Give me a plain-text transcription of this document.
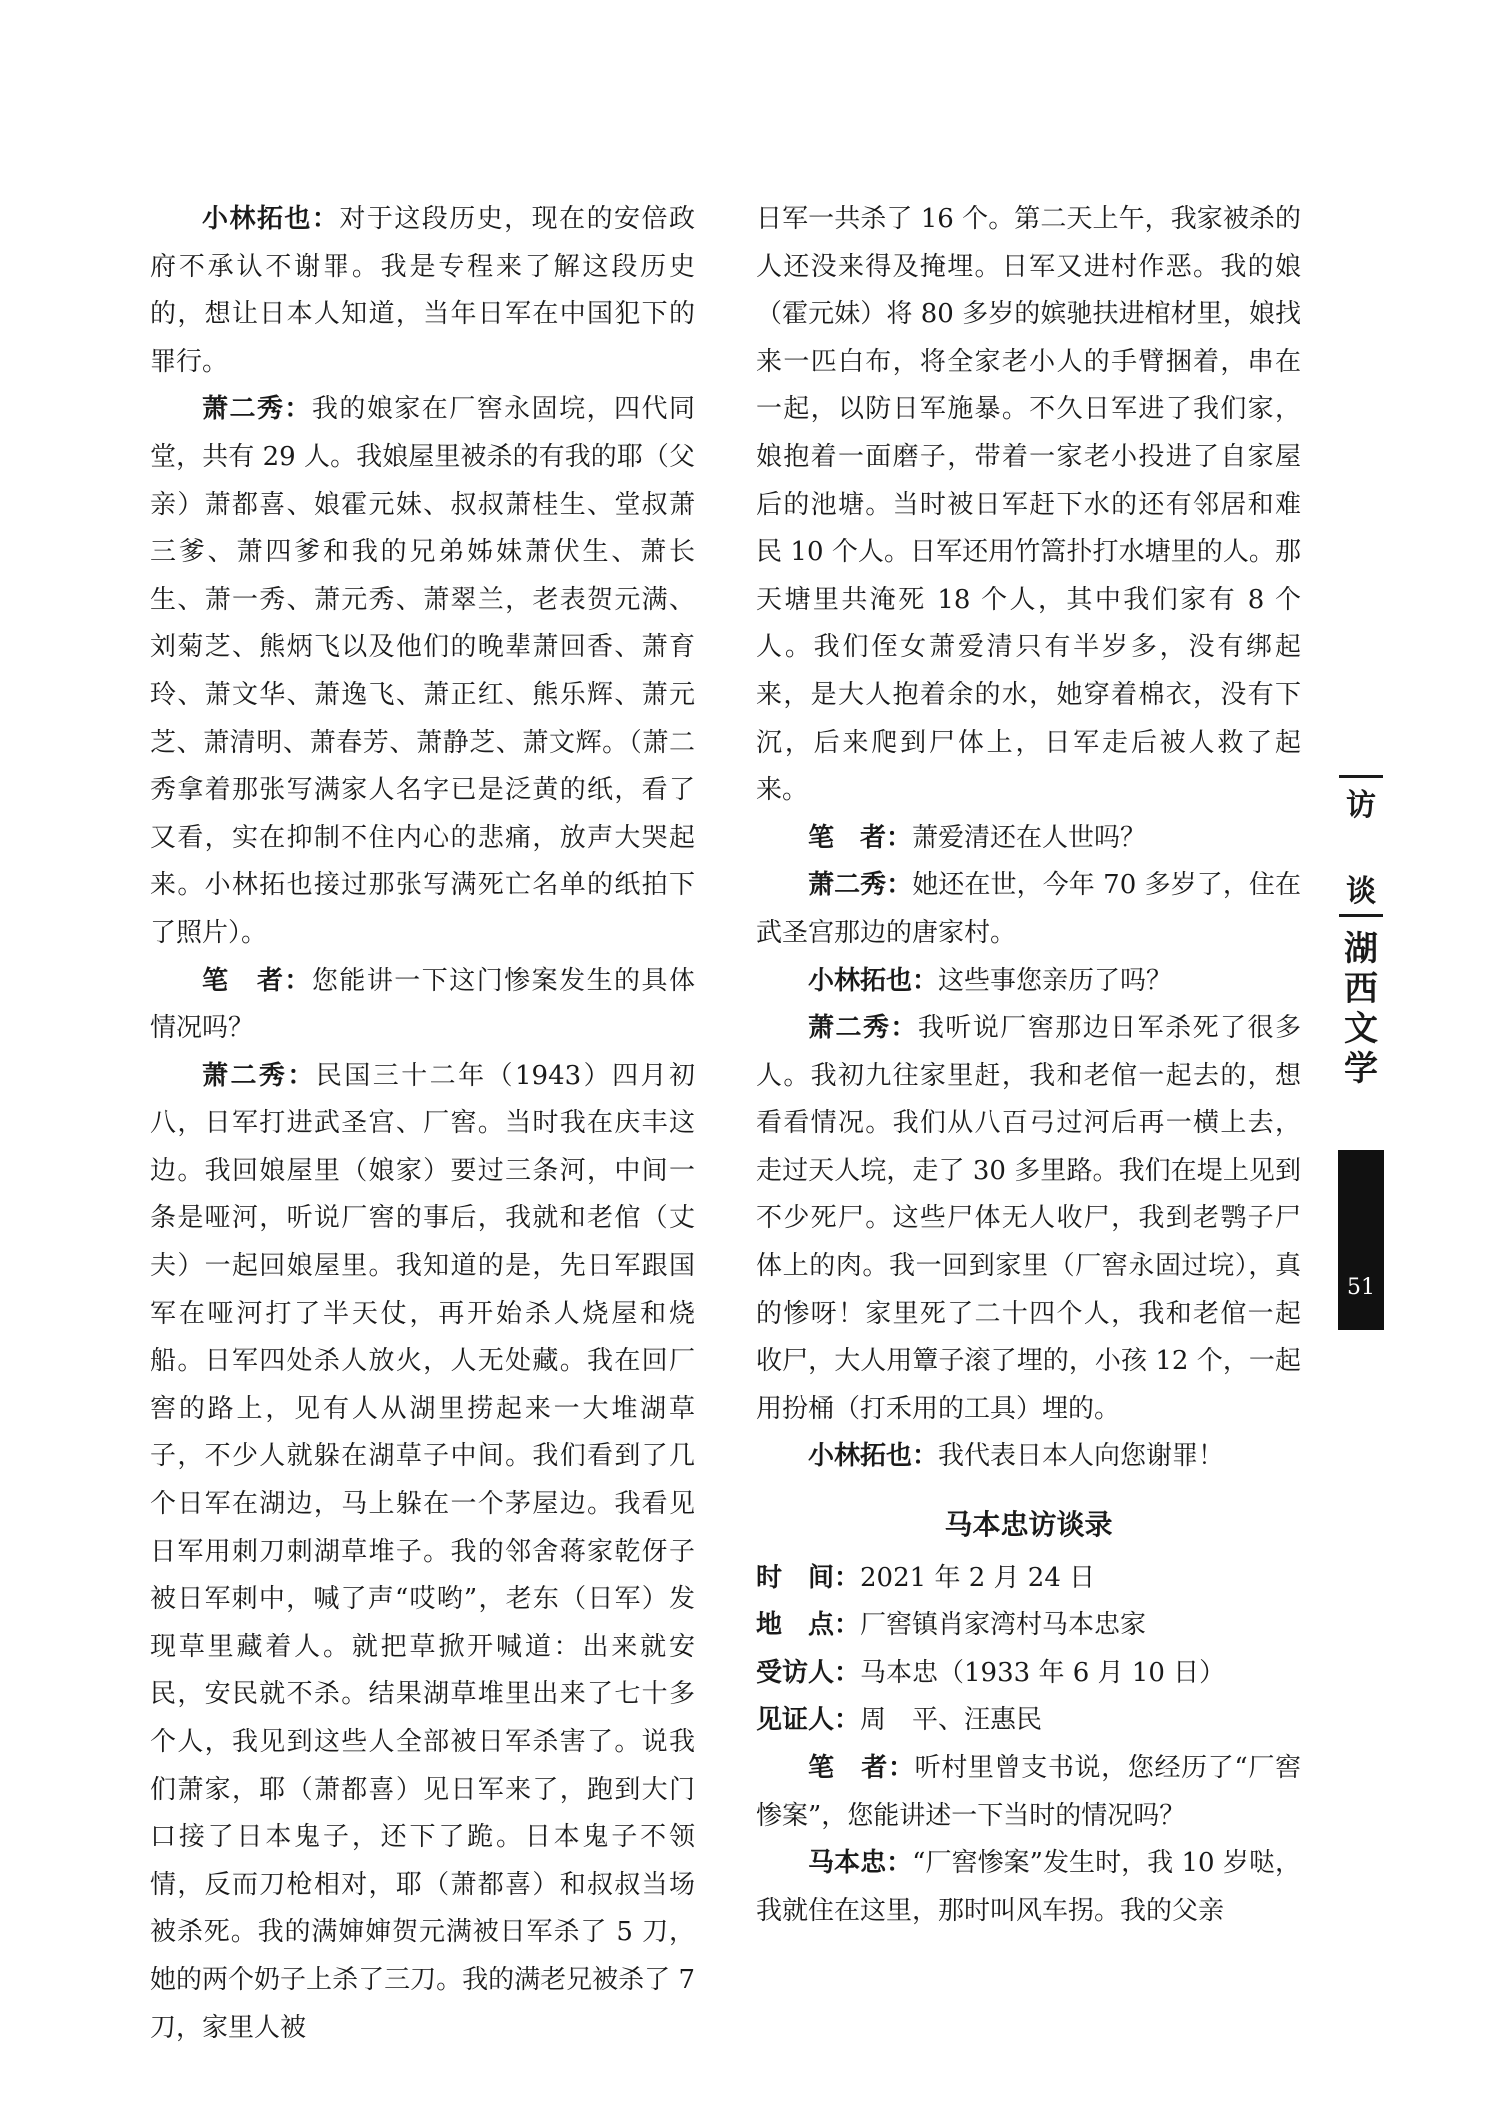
小林拓也：对于这段历史，现在的安倍政府不承认不谢罪。我是专程来了解这段历史的，想让日本人知道，当年日军在中国犯下的罪行。

萧二秀：我的娘家在厂窖永固垸，四代同堂，共有 29 人。我娘屋里被杀的有我的耶（父亲）萧都喜、娘霍元妹、叔叔萧桂生、堂叔萧三爹、萧四爹和我的兄弟姊妹萧伏生、萧长生、萧一秀、萧元秀、萧翠兰，老表贺元满、刘菊芝、熊炳飞以及他们的晚辈萧回香、萧育玲、萧文华、萧逸飞、萧正红、熊乐辉、萧元芝、萧清明、萧春芳、萧静芝、萧文辉。（萧二秀拿着那张写满家人名字已是泛黄的纸，看了又看，实在抑制不住内心的悲痛，放声大哭起来。小林拓也接过那张写满死亡名单的纸拍下了照片）。

笔　者：您能讲一下这门惨案发生的具体情况吗？

萧二秀：民国三十二年（1943）四月初八，日军打进武圣宫、厂窖。当时我在庆丰这边。我回娘屋里（娘家）要过三条河，中间一条是哑河，听说厂窖的事后，我就和老倌（丈夫）一起回娘屋里。我知道的是，先日军跟国军在哑河打了半天仗，再开始杀人烧屋和烧船。日军四处杀人放火，人无处藏。我在回厂窖的路上，见有人从湖里捞起来一大堆湖草子，不少人就躲在湖草子中间。我们看到了几个日军在湖边，马上躲在一个茅屋边。我看见日军用刺刀刺湖草堆子。我的邻舍蒋家乾伢子被日军刺中，喊了声“哎哟”，老东（日军）发现草里藏着人。就把草掀开喊道：出来就安民，安民就不杀。结果湖草堆里出来了七十多个人，我见到这些人全部被日军杀害了。说我们萧家，耶（萧都喜）见日军来了，跑到大门口接了日本鬼子，还下了跪。日本鬼子不领情，反而刀枪相对，耶（萧都喜）和叔叔当场被杀死。我的满婶婶贺元满被日军杀了 5 刀，她的两个奶子上杀了三刀。我的满老兄被杀了 7 刀，家里人被

日军一共杀了 16 个。第二天上午，我家被杀的人还没来得及掩埋。日军又进村作恶。我的娘（霍元妹）将 80 多岁的嫔驰扶进棺材里，娘找来一匹白布，将全家老小人的手臂捆着，串在一起，以防日军施暴。不久日军进了我们家，娘抱着一面磨子，带着一家老小投进了自家屋后的池塘。当时被日军赶下水的还有邻居和难民 10 个人。日军还用竹篙扑打水塘里的人。那天塘里共淹死 18 个人，其中我们家有 8 个人。我们侄女萧爱清只有半岁多，没有绑起来，是大人抱着余的水，她穿着棉衣，没有下沉，后来爬到尸体上，日军走后被人救了起来。

笔　者：萧爱清还在人世吗？

萧二秀：她还在世，今年 70 多岁了，住在武圣宫那边的唐家村。

小林拓也：这些事您亲历了吗？

萧二秀：我听说厂窖那边日军杀死了很多人。我初九往家里赶，我和老倌一起去的，想看看情况。我们从八百弓过河后再一横上去，走过天人垸，走了 30 多里路。我们在堤上见到不少死尸。这些尸体无人收尸，我到老鹗子尸体上的肉。我一回到家里（厂窖永固过垸），真的惨呀！家里死了二十四个人，我和老倌一起收尸，大人用簟子滚了埋的，小孩 12 个，一起用扮桶（打禾用的工具）埋的。

小林拓也：我代表日本人向您谢罪！

马本忠访谈录

时　间：2021 年 2 月 24 日

地　点：厂窖镇肖家湾村马本忠家

受访人：马本忠（1933 年 6 月 10 日）

见证人：周　平、汪惠民

笔　者：听村里曾支书说，您经历了“厂窖惨案”，您能讲述一下当时的情况吗？

马本忠：“厂窖惨案”发生时，我 10 岁哒，我就住在这里，那时叫风车拐。我的父亲

访
谈
湖
西
文
学
51
